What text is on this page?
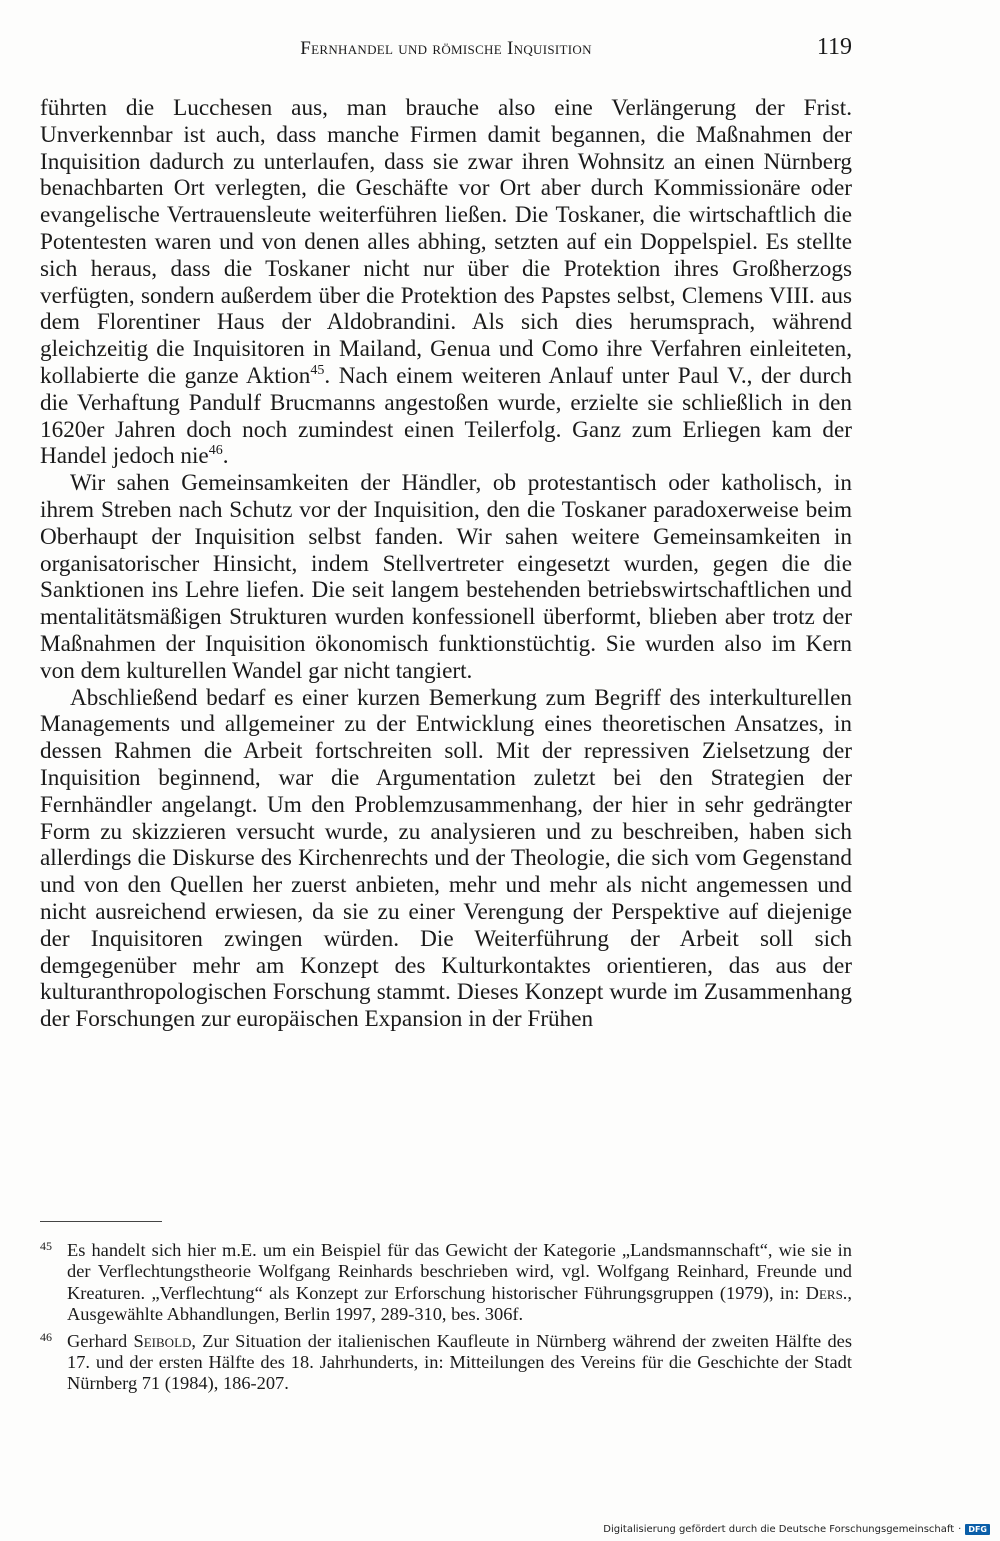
Fernhandel und römische Inquisition	119

führten die Lucchesen aus, man brauche also eine Verlängerung der Frist. Unverkennbar ist auch, dass manche Firmen damit begannen, die Maßnahmen der Inquisition dadurch zu unterlaufen, dass sie zwar ihren Wohnsitz an einen Nürnberg benachbarten Ort verlegten, die Geschäfte vor Ort aber durch Kommissionäre oder evangelische Vertrauensleute weiterführen ließen. Die Toskaner, die wirtschaftlich die Potentesten waren und von denen alles abhing, setzten auf ein Doppelspiel. Es stellte sich heraus, dass die Toskaner nicht nur über die Protektion ihres Großherzogs verfügten, sondern außerdem über die Protektion des Papstes selbst, Clemens VIII. aus dem Florentiner Haus der Aldobrandini. Als sich dies herumsprach, während gleichzeitig die Inquisitoren in Mailand, Genua und Como ihre Verfahren einleiteten, kollabierte die ganze Aktion$^{45}$. Nach einem weiteren Anlauf unter Paul V., der durch die Verhaftung Pandulf Brucmanns angestoßen wurde, erzielte sie schließlich in den 1620er Jahren doch noch zumindest einen Teilerfolg. Ganz zum Erliegen kam der Handel jedoch nie$^{46}$.

Wir sahen Gemeinsamkeiten der Händler, ob protestantisch oder katholisch, in ihrem Streben nach Schutz vor der Inquisition, den die Toskaner paradoxerweise beim Oberhaupt der Inquisition selbst fanden. Wir sahen weitere Gemeinsamkeiten in organisatorischer Hinsicht, indem Stellvertreter eingesetzt wurden, gegen die die Sanktionen ins Lehre liefen. Die seit langem bestehenden betriebswirtschaftlichen und mentalitätsmäßigen Strukturen wurden konfessionell überformt, blieben aber trotz der Maßnahmen der Inquisition ökonomisch funktionstüchtig. Sie wurden also im Kern von dem kulturellen Wandel gar nicht tangiert.

Abschließend bedarf es einer kurzen Bemerkung zum Begriff des interkulturellen Managements und allgemeiner zu der Entwicklung eines theoretischen Ansatzes, in dessen Rahmen die Arbeit fortschreiten soll. Mit der repressiven Zielsetzung der Inquisition beginnend, war die Argumentation zuletzt bei den Strategien der Fernhändler angelangt. Um den Problemzusammenhang, der hier in sehr gedrängter Form zu skizzieren versucht wurde, zu analysieren und zu beschreiben, haben sich allerdings die Diskurse des Kirchenrechts und der Theologie, die sich vom Gegenstand und von den Quellen her zuerst anbieten, mehr und mehr als nicht angemessen und nicht ausreichend erwiesen, da sie zu einer Verengung der Perspektive auf diejenige der Inquisitoren zwingen würden. Die Weiterführung der Arbeit soll sich demgegenüber mehr am Konzept des Kulturkontaktes orientieren, das aus der kulturanthropologischen Forschung stammt. Dieses Konzept wurde im Zusammenhang der Forschungen zur europäischen Expansion in der Frühen

45 Es handelt sich hier m.E. um ein Beispiel für das Gewicht der Kategorie „Landsmannschaft“, wie sie in der Verflechtungstheorie Wolfgang Reinhards beschrieben wird, vgl. Wolfgang Reinhard, Freunde und Kreaturen. „Verflechtung“ als Konzept zur Erforschung historischer Führungsgruppen (1979), in: Ders., Ausgewählte Abhandlungen, Berlin 1997, 289-310, bes. 306f.
46 Gerhard Seibold, Zur Situation der italienischen Kaufleute in Nürnberg während der zweiten Hälfte des 17. und der ersten Hälfte des 18. Jahrhunderts, in: Mitteilungen des Vereins für die Geschichte der Stadt Nürnberg 71 (1984), 186-207.
Digitalisierung gefördert durch die Deutsche Forschungsgemeinschaft · DFG
